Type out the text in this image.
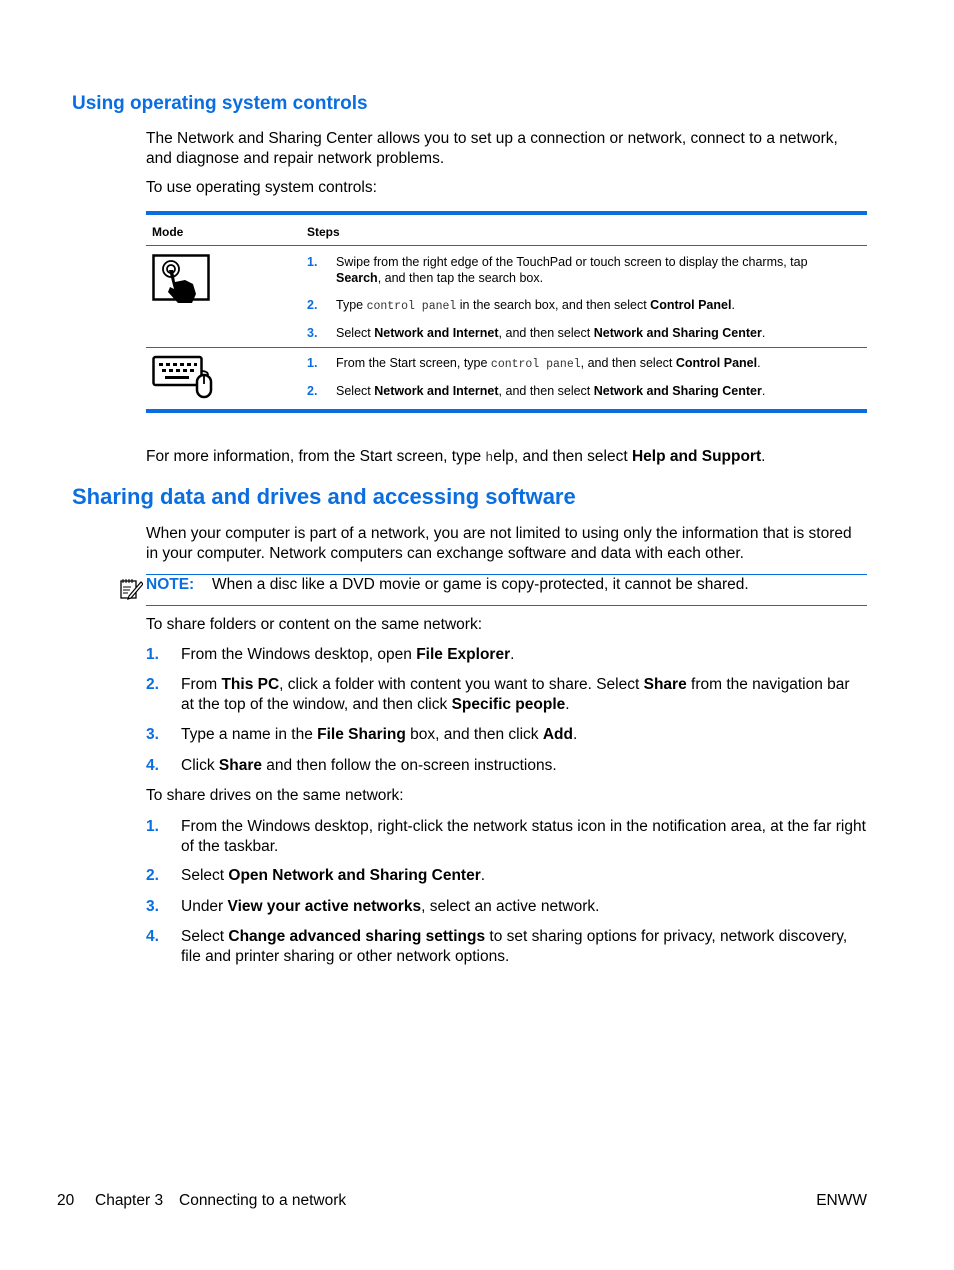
Using operating system controls

The Network and Sharing Center allows you to set up a connection or network, connect to a network, and diagnose and repair network problems.

To use operating system controls:

Mode	Steps
1. Swipe from the right edge of the TouchPad or touch screen to display the charms, tap Search, and then tap the search box.
2. Type control panel in the search box, and then select Control Panel.
3. Select Network and Internet, and then select Network and Sharing Center.
1. From the Start screen, type control panel, and then select Control Panel.
2. Select Network and Internet, and then select Network and Sharing Center.

For more information, from the Start screen, type help, and then select Help and Support.

Sharing data and drives and accessing software

When your computer is part of a network, you are not limited to using only the information that is stored in your computer. Network computers can exchange software and data with each other.

NOTE: When a disc like a DVD movie or game is copy-protected, it cannot be shared.

To share folders or content on the same network:

1. From the Windows desktop, open File Explorer.
2. From This PC, click a folder with content you want to share. Select Share from the navigation bar at the top of the window, and then click Specific people.
3. Type a name in the File Sharing box, and then click Add.
4. Click Share and then follow the on-screen instructions.

To share drives on the same network:

1. From the Windows desktop, right-click the network status icon in the notification area, at the far right of the taskbar.
2. Select Open Network and Sharing Center.
3. Under View your active networks, select an active network.
4. Select Change advanced sharing settings to set sharing options for privacy, network discovery, file and printer sharing or other network options.
20 Chapter 3 Connecting to a network	ENWW
